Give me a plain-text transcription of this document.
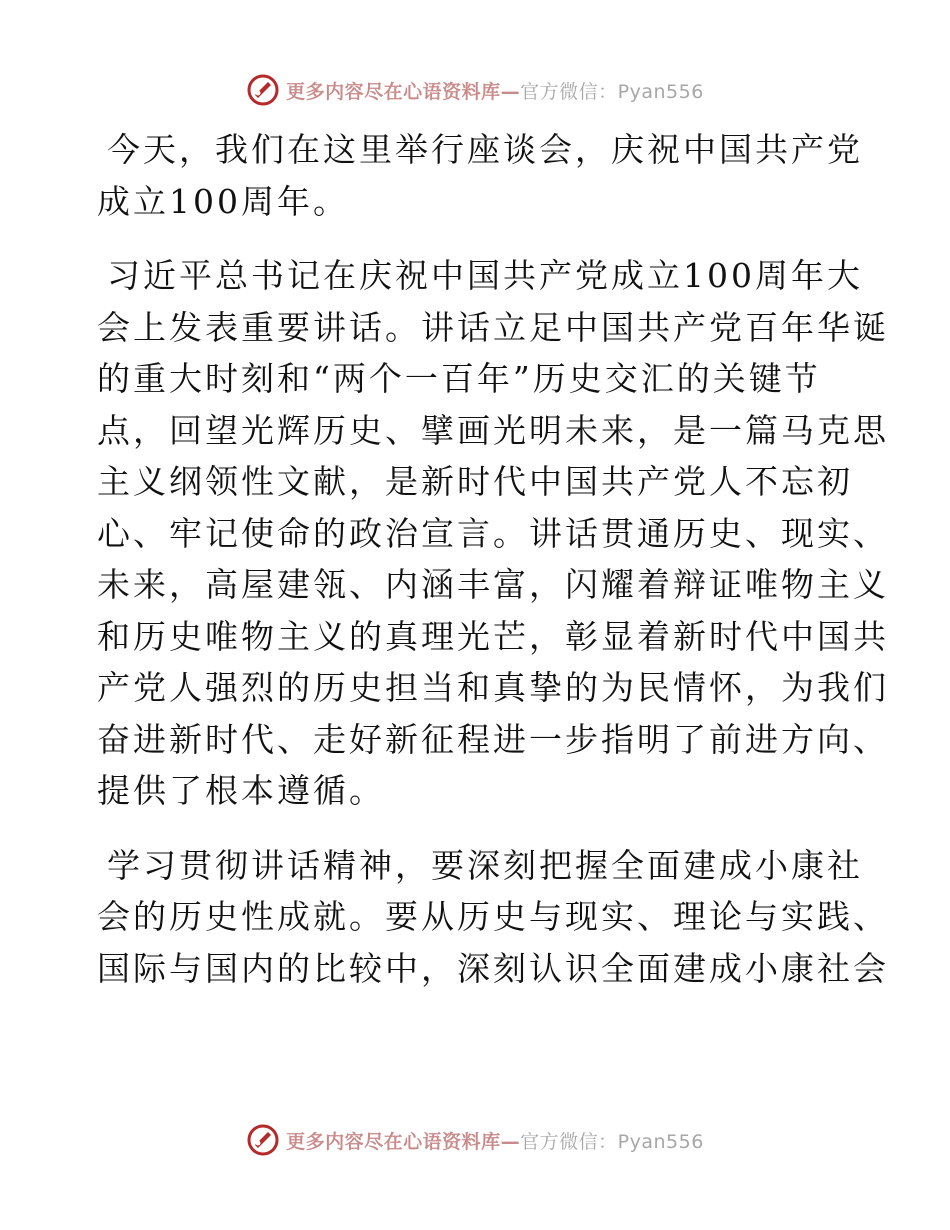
更多内容尽在心语资料库—官方微信：Pyan556

今天，我们在这里举行座谈会，庆祝中国共产党
成立100周年。

习近平总书记在庆祝中国共产党成立100周年大
会上发表重要讲话。讲话立足中国共产党百年华诞
的重大时刻和“两个一百年”历史交汇的关键节
点，回望光辉历史、擘画光明未来，是一篇马克思
主义纲领性文献，是新时代中国共产党人不忘初
心、牢记使命的政治宣言。讲话贯通历史、现实、
未来，高屋建瓴、内涵丰富，闪耀着辩证唯物主义
和历史唯物主义的真理光芒，彰显着新时代中国共
产党人强烈的历史担当和真挚的为民情怀，为我们
奋进新时代、走好新征程进一步指明了前进方向、
提供了根本遵循。

学习贯彻讲话精神，要深刻把握全面建成小康社
会的历史性成就。要从历史与现实、理论与实践、
国际与国内的比较中，深刻认识全面建成小康社会

更多内容尽在心语资料库—官方微信：Pyan556
